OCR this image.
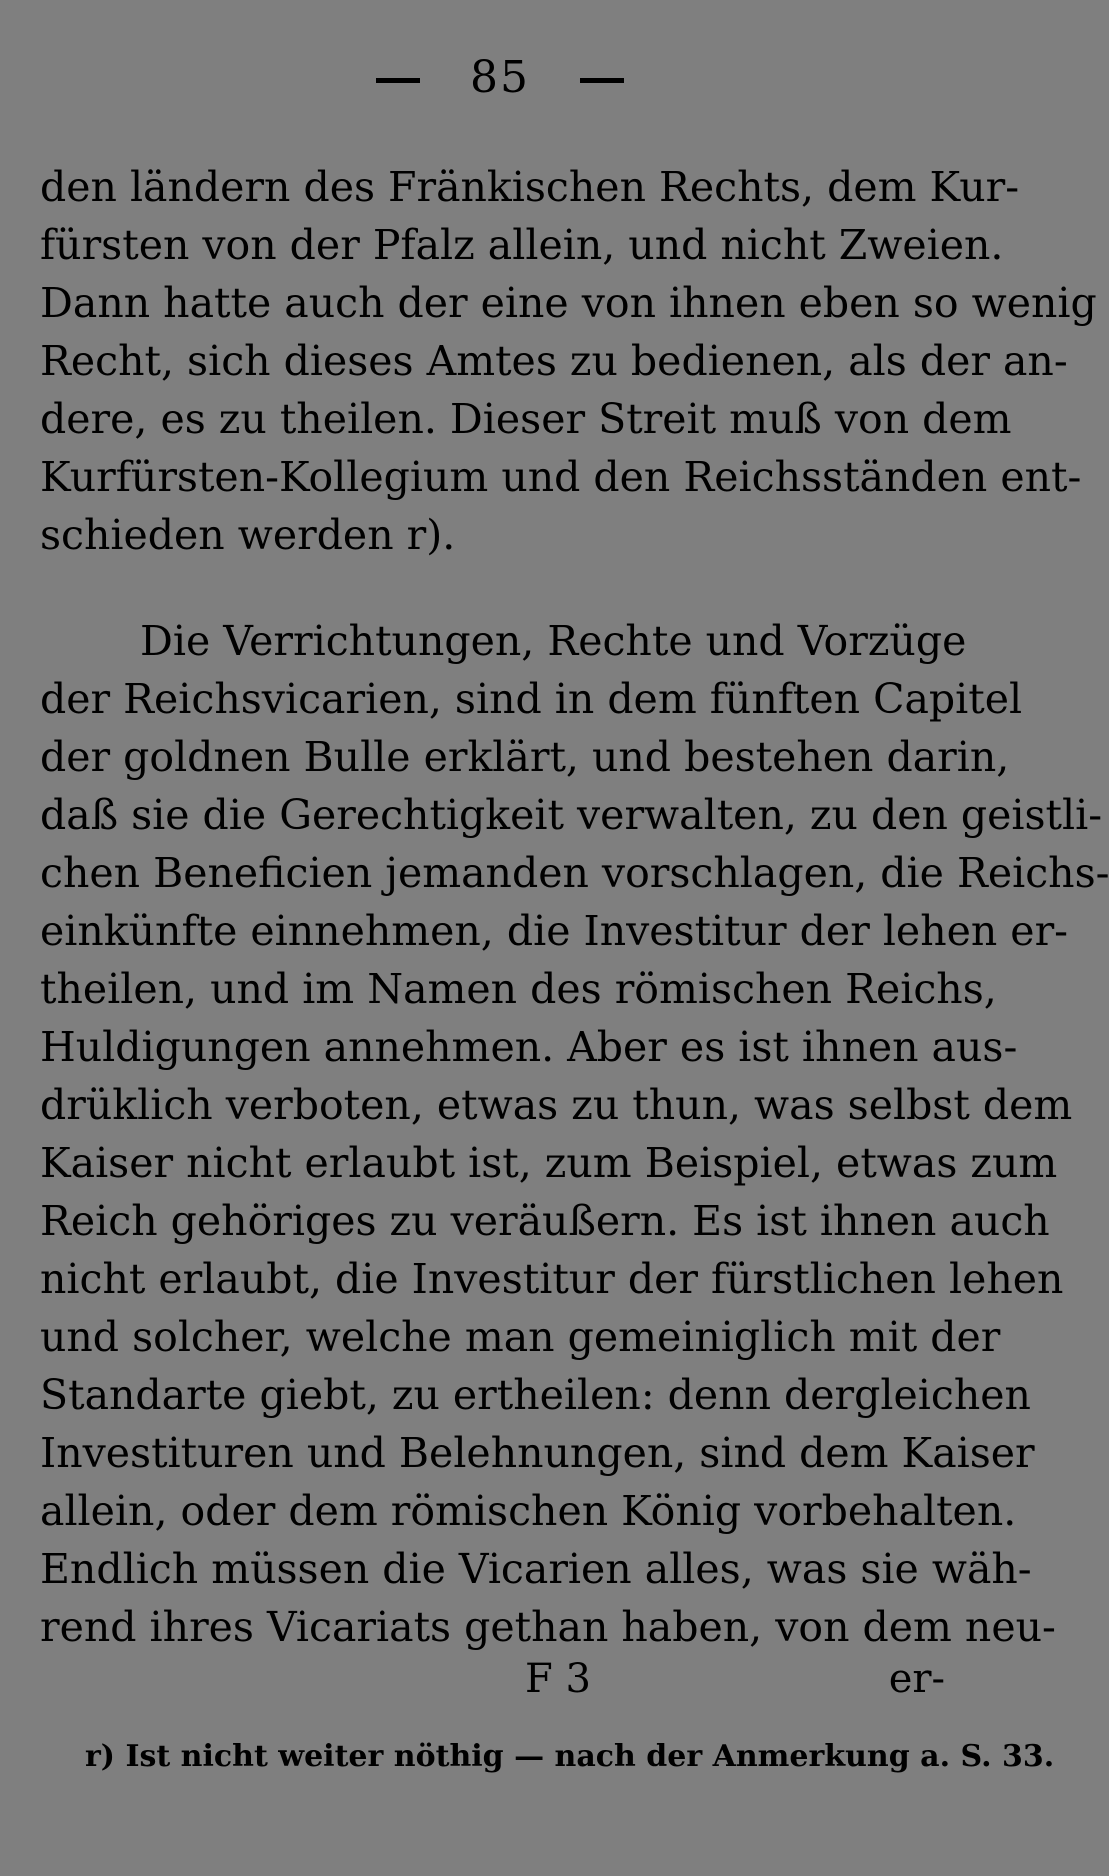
85
den ländern des Fränkischen Rechts, dem Kur-
fürsten von der Pfalz allein, und nicht Zweien.
Dann hatte auch der eine von ihnen eben so wenig
Recht, sich dieses Amtes zu bedienen, als der an-
dere, es zu theilen. Dieser Streit muß von dem
Kurfürsten-Kollegium und den Reichsständen ent-
schieden werden r).
Die Verrichtungen, Rechte und Vorzüge
der Reichsvicarien, sind in dem fünften Capitel
der goldnen Bulle erklärt, und bestehen darin,
daß sie die Gerechtigkeit verwalten, zu den geistli-
chen Beneficien jemanden vorschlagen, die Reichs-
einkünfte einnehmen, die Investitur der lehen er-
theilen, und im Namen des römischen Reichs,
Huldigungen annehmen. Aber es ist ihnen aus-
drüklich verboten, etwas zu thun, was selbst dem
Kaiser nicht erlaubt ist, zum Beispiel, etwas zum
Reich gehöriges zu veräußern. Es ist ihnen auch
nicht erlaubt, die Investitur der fürstlichen lehen
und solcher, welche man gemeiniglich mit der
Standarte giebt, zu ertheilen: denn dergleichen
Investituren und Belehnungen, sind dem Kaiser
allein, oder dem römischen König vorbehalten.
Endlich müssen die Vicarien alles, was sie wäh-
rend ihres Vicariats gethan haben, von dem neu-
F 3	er-
r) Ist nicht weiter nöthig — nach der Anmerkung a. S. 33.
